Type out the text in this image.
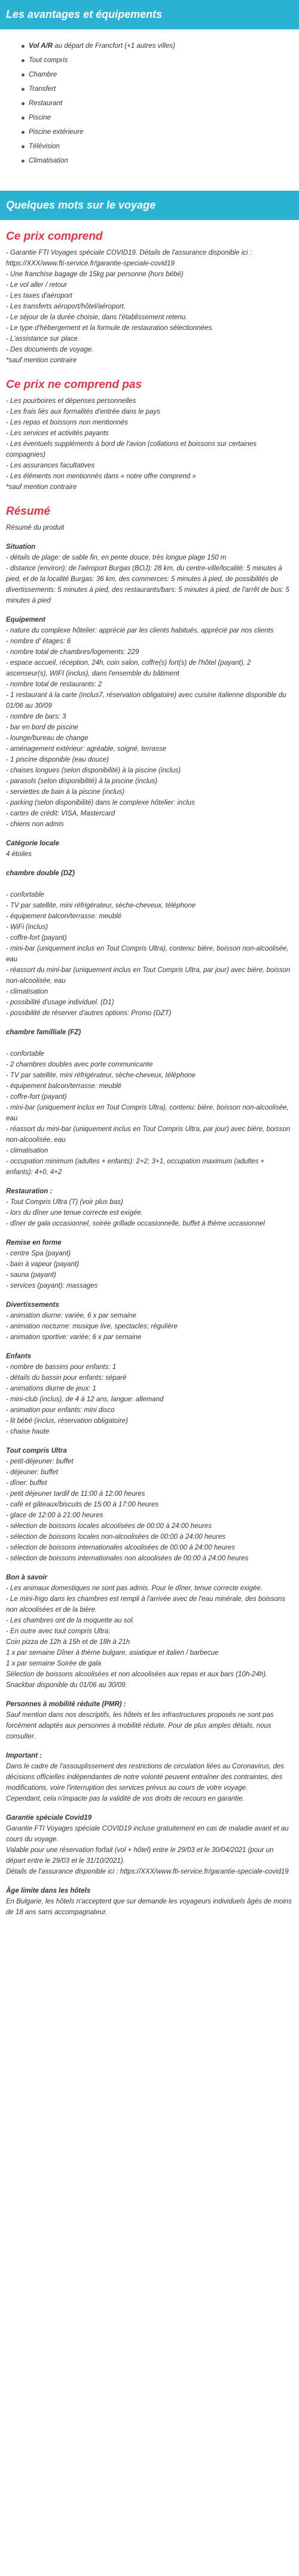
Les avantages et équipements
Vol A/R au départ de Francfort (+1 autres villes)
Tout compris
Chambre
Transfert
Restaurant
Piscine
Piscine extérieure
Télévision
Climatisation
Quelques mots sur le voyage
Ce prix comprend
- Garantie FTI Voyages spéciale COVID19. Détails de l'assurance disponible ici : https://XXX/www.fti-service.fr/garantie-speciale-covid19
- Une franchise bagage de 15kg par personne (hors bébé)
- Le vol aller / retour
- Les taxes d'aéroport
- Les transferts aéroport/hôtel/aéroport.
- Le séjour de la durée choisie, dans l'établissement retenu.
- Le type d'hébergement et la formule de restauration sélectionnées.
- L'assistance sur place.
- Des documents de voyage.
*sauf mention contraire
Ce prix ne comprend pas
- Les pourboires et dépenses personnelles
- Les frais liés aux formalités d'entrée dans le pays
- Les repas et boissons non mentionnés
- Les services et activités payants
- Les éventuels suppléments à bord de l'avion (collations et boissons sur certaines compagnies)
- Les assurances facultatives
- Les éléments non mentionnés dans « notre offre comprend »
*sauf mention contraire
Résumé
Résumé du produit
Situation
- détails de plage: de sable fin, en pente douce, très longue plage 150 m
- distance (environ): de l'aéroport Burgas (BOJ): 28 km, du centre-ville/localité: 5 minutes à pied, et de la localité Burgas: 36 km, des commerces: 5 minutes à pied, de possibilités de divertissements: 5 minutes à pied, des restaurants/bars: 5 minutes à pied, de l'arrêt de bus: 5 minutes à pied
Equipement
- nature du complexe hôtelier: apprécié par les clients habitués, apprécié par nos clients
- nombre d' étages: 6
- nombre total de chambres/logements: 229
- espace accueil, réception, 24h, coin salon, coffre(s) fort(s) de l'hôtel (payant), 2 ascenseur(s), WIFI (inclus), dans l'ensemble du bâtiment
- nombre total de restaurants: 2
- 1 restaurant à la carte (inclus7, réservation obligatoire) avec cuisine italienne disponible du 01/06 au 30/09
- nombre de bars: 3
- bar en bord de piscine
- lounge/bureau de change
- aménagement extérieur: agréable, soigné, terrasse
- 1 piscine disponible (eau douce)
- chaises longues (selon disponibilité) à la piscine (inclus)
- parasols (selon disponibilité) à la piscine (inclus)
- serviettes de bain à la piscine (inclus)
- parking (selon disponibilité) dans le complexe hôtelier: inclus
- cartes de crédit: VISA, Mastercard
- chiens non admis
Catégorie locale
4 étoiles
chambre double (DZ)
- confortable
- TV par satellite, mini réfrigérateur, sèche-cheveux, téléphone
- équipement balcon/terrasse: meublé
- WiFi (inclus)
- coffre-fort (payant)
- mini-bar (uniquement inclus en Tout Compris Ultra), contenu: bière, boisson non-alcoolisée, eau
- réassort du mini-bar (uniquement inclus en Tout Compris Ultra, par jour) avec bière, boisson non-alcoolisée, eau
- climatisation
- possibilité d'usage individuel. (D1)
- possibilité de réserver d'autres options: Promo (DZT)
chambre familliale (FZ)
- confortable
- 2 chambres doubles avec porte communicante
- TV par satellite, mini réfrigérateur, sèche-cheveux, téléphone
- équipement balcon/terrasse: meublé
- coffre-fort (payant)
- mini-bar (uniquement inclus en Tout Compris Ultra), contenu: bière, boisson non-alcoolisée, eau
- réassort du mini-bar (uniquement inclus en Tout Compris Ultra, par jour) avec bière, boisson non-alcoolisée, eau
- climatisation
- occupation minimum (adultes + enfants): 2+2; 3+1, occupation maximum (adultes + enfants): 4+0, 4+2
Restauration :
- Tout Compris Ultra (T) (voir plus bas)
- lors du dîner une tenue correcte est exigée.
- dîner de gala occasionnel, soirée grillade occasionnelle, buffet à thème occasionnel
Remise en forme
- centre Spa (payant)
- bain à vapeur (payant)
- sauna (payant)
- services (payant): massages
Divertissements
- animation diurne: variée, 6 x par semaine
- animation nocturne: musique live, spectacles; régulière
- animation sportive: variée; 6 x par semaine
Enfants
- nombre de bassins pour enfants: 1
- détails du bassin pour enfants: séparé
- animations diurne de jeux: 1
- mini-club (inclus), de 4 à 12 ans, langue: allemand
- animation pour enfants: mini disco
- lit bébé (inclus, réservation obligatoire)
- chaise haute
Tout compris Ultra
- petit-déjeuner: buffet
- déjeuner: buffet
- dîner: buffet
- petit déjeuner tardif de 11:00 à 12:00 heures
- café et gâteaux/biscuits de 15:00 à 17:00 heures
- glace de 12:00 à 21:00 heures
- sélection de boissons locales alcoolisées de 00:00 à 24:00 heures
- sélection de boissons locales non-alcoolisées de 00:00 à 24:00 heures
- sélection de boissons internationales alcoolisées de 00:00 à 24:00 heures
- sélection de boissons internationales non alcoolisées de 00:00 à 24:00 heures
Bon à savoir
- Les animaux domestiques ne sont pas admis. Pour le dîner, tenue correcte exigée.
- Le mini-frigo dans les chambres est rempli à l'arrivée avec de l'eau minérale, des boissons non alcoolisées et de la bière.
- Les chambres ont de la moquette au sol.
- En outre avec tout compris Ultra:
Coin pizza de 12h à 15h et de 18h à 21h
1 x par semaine Dîner à thème bulgare, asiatique et italien / barbecue
1 x par semaine Soirée de gala
Sélection de boissons alcoolisées et non alcoolisées aux repas et aux bars (10h-24h).
Snackbar disponible du 01/06 au 30/09.
Personnes à mobilité réduite (PMR) :
Sauf mention dans nos descriptifs, les hôtels et les infrastructures proposés ne sont pas forcément adaptés aux personnes à mobilité réduite. Pour de plus amples détails, nous consulter.
Important :
Dans le cadre de l'assouplissement des restrictions de circulation liées au Coronavirus, des décisions officielles indépendantes de notre volonté peuvent entraîner des contraintes, des modifications, voire l'interruption des services prévus au cours de votre voyage.
Cependant, cela n'impacte pas la validité de vos droits de recours en garantie.
Garantie spéciale Covid19
Garantie FTI Voyages spéciale COVID19 incluse gratuitement en cas de maladie avant et au cours du voyage.
Valable pour une réservation forfait (vol + hôtel) entre le 29/03 et le 30/04/2021 (pour un départ entre le 29/03 et le 31/10/2021).
Détails de l'assurance disponible ici : https://XXX/www.fti-service.fr/garantie-speciale-covid19
Âge limite dans les hôtels
En Bulgarie, les hôtels n'acceptent que sur demande les voyageurs individuels âgés de moins de 18 ans sans accompagnateur.
